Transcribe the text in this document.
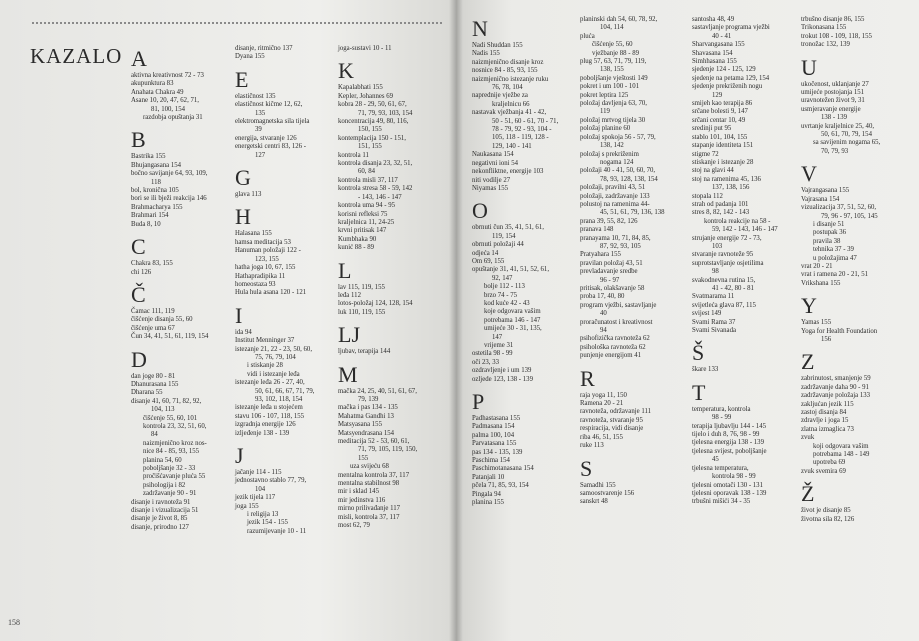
KAZALO A
aktivna kreativnost 72 - 73
akupunktura 83
Anahata Chakra 49
Asane 10, 20, 47, 62, 71,
81, 100, 154
razdobja opuštanja 31
B
Bastrika 155
Bhujangasana 154
bočno savijanje 64, 93, 109,
118
bol, kronična 105
bori se ili bježi reakcija 146
Brahmacharya 155
Brahmari 154
Buda 8, 10
C
Chakra 83, 155
chi 126
Č
Čamac 111, 119
čišćenje disanja 55, 60
čišćenje uma 67
Čun 34, 41, 51, 61, 119, 154
D
dan joge 80 - 81
Dhanurasana 155
Dharana 55
disanje 41, 60, 71, 82, 92,
104, 113
čišćenje 55, 60, 101
kontrola 23, 32, 51, 60,
84
naizmjenično kroz nos-
nice 84 - 85, 93, 155
planina 54, 60
poboljšanje 32 - 33
pročišćavanje pluća 55
psihologija i 82
zadržavanje 90 - 91
disanje i ravnoteža 91
disanje i vizualizacija 51
disanje je život 8, 85
disanje, prirodno 127
disanje, ritmično 137
Dyana 155
E
elastičnost 135
elastičnost kičme 12, 62,
135
elektromagnetska sila tijela
39
energija, stvaranje 126
energetski centri 83, 126 -
127
G
glava 113
H
Halasana 155
hamsa meditacija 53
Hanuman položaji 122 -
123, 155
hatha joga 10, 67, 155
Hathapradipika 11
homeostaza 93
Hula hula asana 120 - 121
I
ida 94
Institut Menninger 37
istezanje 21, 22 - 23, 50, 60,
75, 76, 79, 104
i stiskanje 28
vidi i istezanje leđa
istezanje leđa 26 - 27, 40,
50, 61, 66, 67, 71, 79,
93, 102, 118, 154
istezanje leđa u stojećem
stavu 106 - 107, 118, 155
izgradnja energije 126
izljeđenje 138 - 139
J
jačanje 114 - 115
jednostavno stablo 77, 79,
104
jezik tijela 117
joga 155
i religija 13
jezik 154 - 155
razumijevanje 10 - 11
joga-sustavi 10 - 11
K
Kapalabhati 155
Kepler, Johannes 69
kobra 28 - 29, 50, 61, 67,
71, 79, 93, 103, 154
koncentracija 49, 80, 116,
150, 155
kontemplacija 150 - 151,
151, 155
kontrola 11
kontrola disanja 23, 32, 51,
60, 84
kontrola misli 37, 117
kontrola stresa 58 - 59, 142
- 143, 146 - 147
kontrola uma 94 - 95
korisni refleksi 75
kraljelnica 11, 24-25
krvni pritisak 147
Kumbhaka 90
kunić 88 - 89
L
lav 115, 119, 155
leđa 112
lotos-položaj 124, 128, 154
luk 110, 119, 155
LJ
ljubav, terapija 144
M
mačka 24, 25, 40, 51, 61, 67,
79, 139
mačka i pas 134 - 135
Mahatma Gandhi 13
Matsyasana 155
Matsyendrasana 154
meditacija 52 - 53, 60, 61,
71, 79, 105, 119, 150,
155
uza svijeću 68
mentalna kontrola 37, 117
mentalna stabilnost 98
mir i sklad 145
mir jedinstva 116
mirno prilivađanje 117
misli, kontrola 37, 117
most 62, 79
158
N
Nadi Shuddan 155
Nadis 155
naizmjenično disanje kroz
nosnice 84 - 85, 93, 155
naizmjenično istezanje ruku
76, 78, 104
naprednije vježbe za
kraljelnicu 66
nastavak vježbanja 41 - 42,
50 - 51, 60 - 61, 70 - 71,
78 - 79, 92 - 93, 104 -
105, 118 - 119, 128 -
129, 140 - 141
Naukasana 154
negativni ioni 54
nekonfliktne, energije 103
niti vodilje 27
Niyamas 155
O
obrnuti čun 35, 41, 51, 61,
119, 154
obrnuti položaji 44
odjeća 14
Om 69, 155
opuštanje 31, 41, 51, 52, 61,
92, 147
bolje 112 - 113
brzo 74 - 75
kod kuće 42 - 43
koje odgovara vašim
potrebama 146 - 147
umijeće 30 - 31, 135,
147
vrijeme 31
ostetila 98 - 99
oči 23, 33
ozdravljenje i um 139
ozljede 123, 138 - 139
P
Padhastasana 155
Padmasana 154
palma 100, 104
Parvatasana 155
pas 134 - 135, 139
Paschima 154
Paschimotanasana 154
Patanjali 10
pčela 71, 85, 93, 154
Pingala 94
planina 155
planinski dah 54, 60, 78, 92,
104, 114
pluća
čišćenje 55, 60
vježbanje 88 - 89
plug 57, 63, 71, 79, 119,
138, 155
poboljšanje vještosti 149
pokret i um 100 - 101
pokret leptira 125
položaj davljenja 63, 70,
119
položaj mrtvog tijela 30
položaj planine 60
položaj spokoja 56 - 57, 79,
138, 142
položaj s prekriženim
nogama 124
položaji 40 - 41, 50, 60, 70,
78, 93, 128, 138, 154
položaji, pravilni 43, 51
položaji, zadržavanje 133
polustoj na ramenima 44-
45, 51, 61, 79, 136, 138
prana 39, 55, 82, 126
pranava 148
pranayama 10, 71, 84, 85,
87, 92, 93, 105
Pratyahara 155
pravilan položaj 43, 51
prevladavanje sredbe
96 - 97
pritisak, olakšavanje 58
proba 17, 40, 80
program vježbi, sastavljanje
40
proračunatost i kreativnost
94
psihofizička ravnoteža 62
psihološka ravnoteža 62
punjenje energijom 41
R
raja yoga 11, 150
Ramena 20 - 21
ravnoteža, održavanje 111
ravnoteža, stvaranje 95
respiracija, vidi disanje
riba 46, 51, 155
ruke 113
S
Samadhi 155
samoostvarenje 156
sanskrt 48
santosha 48, 49
sastavljanje programa vježbi
40 - 41
Sharvangasana 155
Shavasana 154
Simhhasana 155
sjedenje 124 - 125, 129
sjedenje na petama 129, 154
sjedenje prekriženih nogu
129
smijeh kao terapija 86
srčane bolesti 9, 147
srčani centar 10, 49
sredinji put 95
stablo 101, 104, 155
stapanje identiteta 151
stigme 72
stiskanje i istezanje 28
stoj na glavi 44
stoj na ramenima 45, 136
137, 138, 156
stopala 112
strah od padanja 101
stres 8, 82, 142 - 143
kontrola reakcije na 58 -
59, 142 - 143, 146 - 147
strujanje energije 72 - 73,
103
stvaranje ravnoteže 95
suprotstavljanje osjetilima
98
svakodnevna rutina 15,
41 - 42, 80 - 81
Svatmarama 11
svijetleća glava 87, 115
svijest 149
Svami Rama 37
Svami Sivanada
Š
škare 133
T
temperatura, kontrola
98 - 99
terapija ljubavlju 144 - 145
tijelo i duh 8, 76, 98 - 99
tjelesna energija 138 - 139
tjelesna svijest, poboljšanje
45
tjelesna temperatura,
kontrola 98 - 99
tjelesni omotači 130 - 131
tjelesni oporavak 138 - 139
trbušni mišići 34 - 35
trbušno disanje 86, 155
Trikonasana 155
trokut 108 - 109, 118, 155
tronožac 132, 139
U
ukočenost, uklanjanje 27
umijeće postojanja 151
uravnotežen život 9, 31
usmjeravanje energije
138 - 139
uvrtanje kraljelnice 25, 40,
50, 61, 70, 79, 154
sa savijenim nogama 65,
70, 79, 93
V
Vajrangasana 155
Vajrasana 154
vizualizacija 37, 51, 52, 60,
79, 96 - 97, 105, 145
i disanje 51
postupak 36
pravila 38
tehnika 37 - 39
u položajima 47
vrat 20 - 21
vrat i ramena 20 - 21, 51
Vrikshana 155
Y
Yamas 155
Yoga for Health Foundation
156
Z
zabrinutost, smanjenje 59
zadržavanje daha 90 - 91
zadržavanje položaja 133
zakljućan jezik 115
zastoj disanja 84
zdravlje i joga 15
zlatna izmaglica 73
zvuk
koji odgovara vašim
potrebama 148 - 149
upotreba 69
zvuk svemira 69
Ž
život je disanje 85
životna sila 82, 126
